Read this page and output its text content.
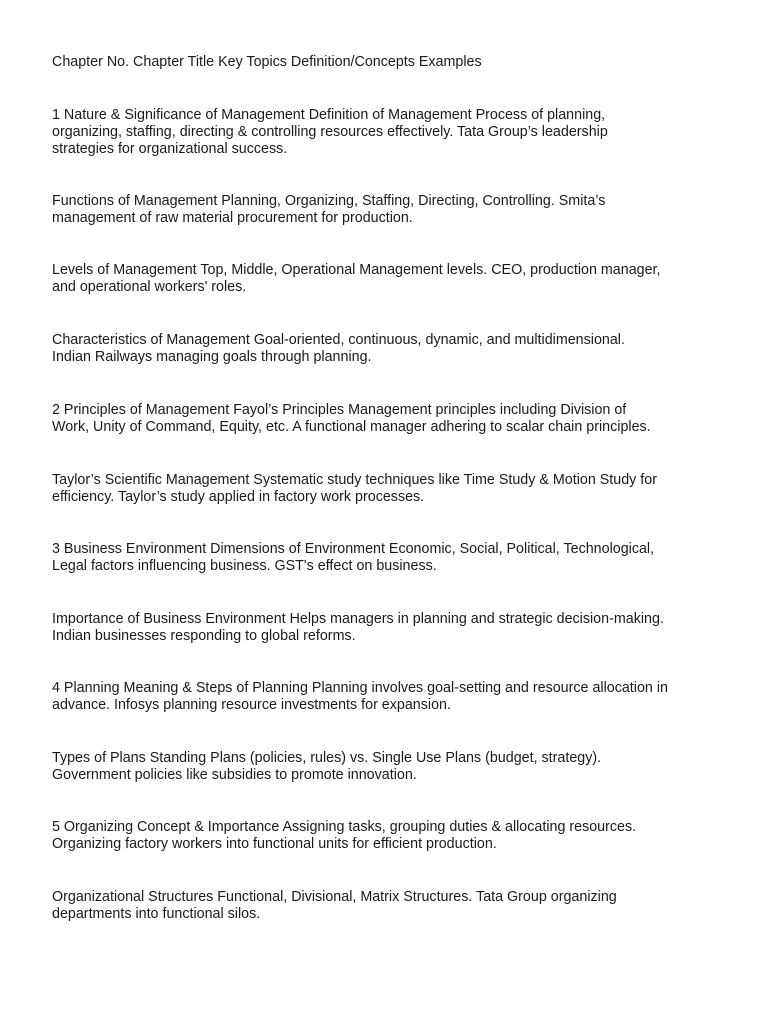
Chapter No. Chapter Title Key Topics Definition/Concepts Examples

1 Nature & Significance of Management Definition of Management Process of planning,
organizing, staffing, directing & controlling resources effectively. Tata Group’s leadership
strategies for organizational success.

Functions of Management Planning, Organizing, Staffing, Directing, Controlling. Smita’s
management of raw material procurement for production.

Levels of Management Top, Middle, Operational Management levels. CEO, production manager,
and operational workers' roles.

Characteristics of Management Goal-oriented, continuous, dynamic, and multidimensional.
Indian Railways managing goals through planning.

2 Principles of Management Fayol’s Principles Management principles including Division of
Work, Unity of Command, Equity, etc. A functional manager adhering to scalar chain principles.

Taylor’s Scientific Management Systematic study techniques like Time Study & Motion Study for
efficiency. Taylor’s study applied in factory work processes.

3 Business Environment Dimensions of Environment Economic, Social, Political, Technological,
Legal factors influencing business. GST's effect on business.

Importance of Business Environment Helps managers in planning and strategic decision-making.
Indian businesses responding to global reforms.

4 Planning Meaning & Steps of Planning Planning involves goal-setting and resource allocation in
advance. Infosys planning resource investments for expansion.

Types of Plans Standing Plans (policies, rules) vs. Single Use Plans (budget, strategy).
Government policies like subsidies to promote innovation.

5 Organizing Concept & Importance Assigning tasks, grouping duties & allocating resources.
Organizing factory workers into functional units for efficient production.

Organizational Structures Functional, Divisional, Matrix Structures. Tata Group organizing
departments into functional silos.
